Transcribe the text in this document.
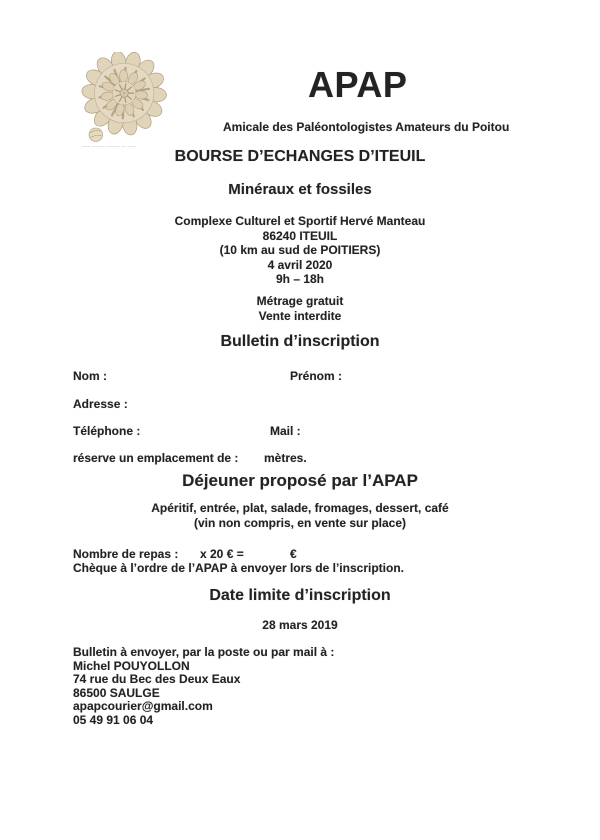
—— ——— ——— — ——
APAP
Amicale des Paléontologistes Amateurs du Poitou
BOURSE D’ECHANGES D’ITEUIL
Minéraux et fossiles
Complexe Culturel et Sportif Hervé Manteau
86240 ITEUIL
(10 km au sud de POITIERS)
4 avril 2020
9h – 18h
Métrage gratuit
Vente interdite
Bulletin d’inscription
Nom :	Prénom :
Adresse :
Téléphone :	Mail :
réserve un emplacement de : mètres.
Déjeuner proposé par l’APAP
Apéritif, entrée, plat, salade, fromages, dessert, café
(vin non compris, en vente sur place)
Nombre de repas : x 20 € =	€
Chèque à l’ordre de l’APAP à envoyer lors de l’inscription.
Date limite d’inscription
28 mars 2019
Bulletin à envoyer, par la poste ou par mail à :
Michel POUYOLLON
74 rue du Bec des Deux Eaux
86500 SAULGE
apapcourier@gmail.com
05 49 91 06 04
